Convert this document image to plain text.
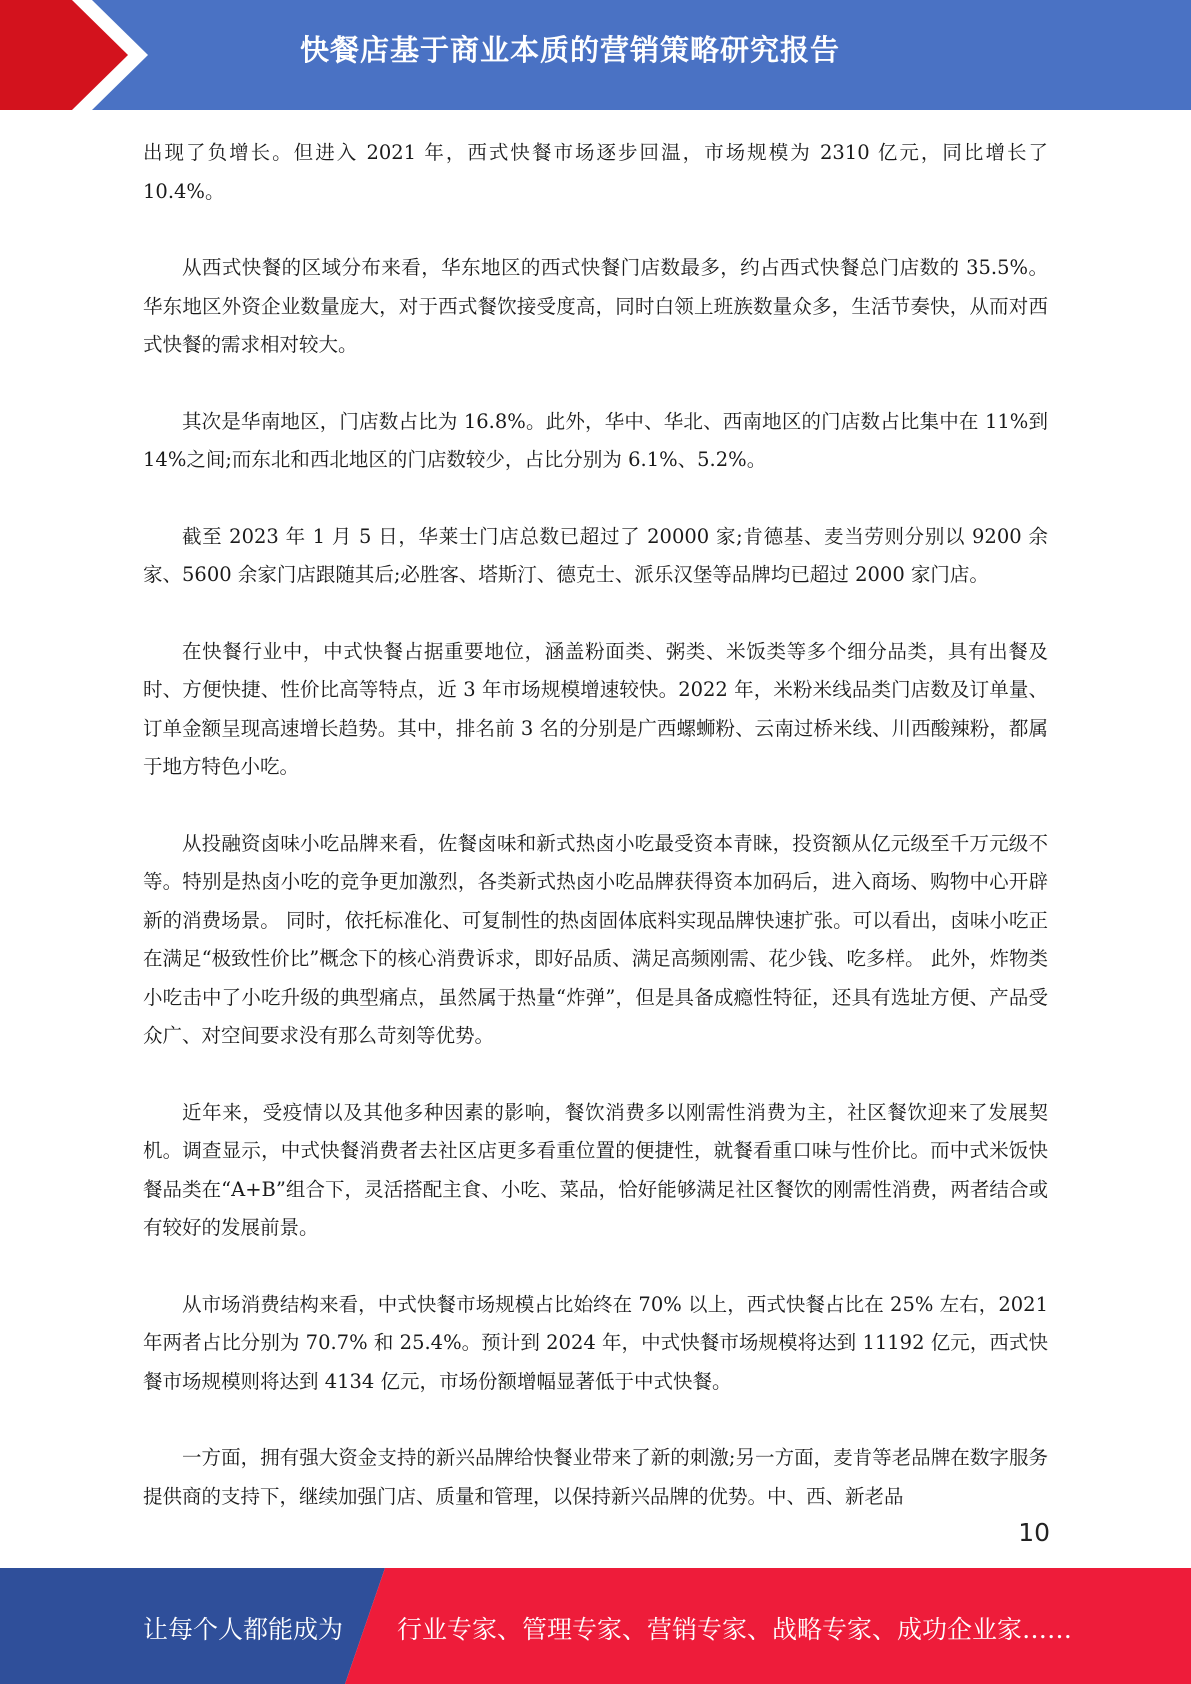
快餐店基于商业本质的营销策略研究报告

出现了负增长。但进入 2021 年，西式快餐市场逐步回温，市场规模为 2310 亿元，同比增长了 10.4%。

从西式快餐的区域分布来看，华东地区的西式快餐门店数最多，约占西式快餐总门店数的 35.5%。华东地区外资企业数量庞大，对于西式餐饮接受度高，同时白领上班族数量众多，生活节奏快，从而对西式快餐的需求相对较大。

其次是华南地区，门店数占比为 16.8%。此外，华中、华北、西南地区的门店数占比集中在 11%到 14%之间;而东北和西北地区的门店数较少，占比分别为 6.1%、5.2%。

截至 2023 年 1 月 5 日，华莱士门店总数已超过了 20000 家;肯德基、麦当劳则分别以 9200 余家、5600 余家门店跟随其后;必胜客、塔斯汀、德克士、派乐汉堡等品牌均已超过 2000 家门店。

在快餐行业中，中式快餐占据重要地位，涵盖粉面类、粥类、米饭类等多个细分品类，具有出餐及时、方便快捷、性价比高等特点，近 3 年市场规模增速较快。2022 年，米粉米线品类门店数及订单量、订单金额呈现高速增长趋势。其中，排名前 3 名的分别是广西螺蛳粉、云南过桥米线、川西酸辣粉，都属于地方特色小吃。

从投融资卤味小吃品牌来看，佐餐卤味和新式热卤小吃最受资本青睐，投资额从亿元级至千万元级不等。特别是热卤小吃的竞争更加激烈，各类新式热卤小吃品牌获得资本加码后，进入商场、购物中心开辟新的消费场景。 同时，依托标准化、可复制性的热卤固体底料实现品牌快速扩张。可以看出，卤味小吃正在满足“极致性价比”概念下的核心消费诉求，即好品质、满足高频刚需、花少钱、吃多样。 此外，炸物类小吃击中了小吃升级的典型痛点，虽然属于热量“炸弹”，但是具备成瘾性特征，还具有选址方便、产品受众广、对空间要求没有那么苛刻等优势。

近年来，受疫情以及其他多种因素的影响，餐饮消费多以刚需性消费为主，社区餐饮迎来了发展契机。调查显示，中式快餐消费者去社区店更多看重位置的便捷性，就餐看重口味与性价比。而中式米饭快餐品类在“A+B”组合下，灵活搭配主食、小吃、菜品，恰好能够满足社区餐饮的刚需性消费，两者结合或有较好的发展前景。

从市场消费结构来看，中式快餐市场规模占比始终在 70% 以上，西式快餐占比在 25% 左右，2021 年两者占比分别为 70.7% 和 25.4%。预计到 2024 年，中式快餐市场规模将达到 11192 亿元，西式快餐市场规模则将达到 4134 亿元，市场份额增幅显著低于中式快餐。

一方面，拥有强大资金支持的新兴品牌给快餐业带来了新的刺激;另一方面，麦肯等老品牌在数字服务提供商的支持下，继续加强门店、质量和管理，以保持新兴品牌的优势。中、西、新老品

10
让每个人都能成为 行业专家、管理专家、营销专家、战略专家、成功企业家……
